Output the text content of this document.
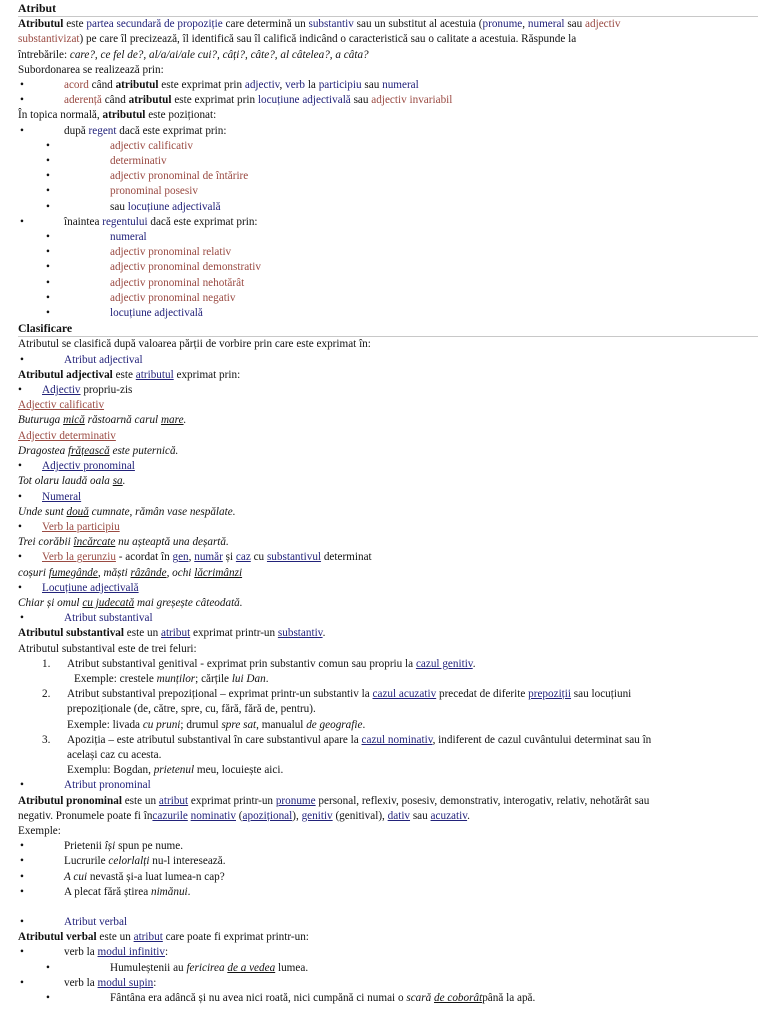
Atribut
Atributul este partea secundară de propoziție care determină un substantiv sau un substitut al acestuia (pronume, numeral sau adjectiv
substantivizat) pe care îl precizează, îl identifică sau îl califică indicând o caracteristică sau o calitate a acestuia. Răspunde la
întrebările: care?, ce fel de?, al/a/ai/ale cui?, câți?, câte?, al câtelea?, a câta?
Subordonarea se realizează prin:
•	acord când atributul este exprimat prin adjectiv, verb la participiu sau numeral
•	aderență când atributul este exprimat prin locuțiune adjectivală sau adjectiv invariabil
În topica normală, atributul este poziționat:
•	după regent dacă este exprimat prin:
•	adjectiv calificativ
•	determinativ
•	adjectiv pronominal de întărire
•	pronominal posesiv
•	sau locuțiune adjectivală
•	înaintea regentului dacă este exprimat prin:
•	numeral
•	adjectiv pronominal relativ
•	adjectiv pronominal demonstrativ
•	adjectiv pronominal nehotărât
•	adjectiv pronominal negativ
•	locuțiune adjectivală
Clasificare
Atributul se clasifică după valoarea părții de vorbire prin care este exprimat în:
•	Atribut adjectival
Atributul adjectival este atributul exprimat prin:
• Adjectiv propriu-zis
Adjectiv calificativ
Buturuga mică răstoarnă carul mare.
Adjectiv determinativ
Dragostea frățească este puternică.
• Adjectiv pronominal
Tot olaru laudă oala sa.
• Numeral
Unde sunt două cumnate, rămân vase nespălate.
• Verb la participiu
Trei corăbii încărcate nu așteaptă una deșartă.
• Verb la gerunziu - acordat în gen, număr și caz cu substantivul determinat
coșuri fumegânde, măști râzânde, ochi lăcrimânzi
• Locuțiune adjectivală
Chiar și omul cu judecată mai greșește câteodată.
•	Atribut substantival
Atributul substantival este un atribut exprimat printr-un substantiv.
Atributul substantival este de trei feluri:
1. Atribut substantival genitival - exprimat prin substantiv comun sau propriu la cazul genitiv.
Exemple: crestele munților; cărțile lui Dan.
2. Atribut substantival prepozițional – exprimat printr-un substantiv la cazul acuzativ precedat de diferite prepoziții sau locuțiuni
prepoziționale (de, către, spre, cu, fără, fără de, pentru).
Exemple: livada cu pruni; drumul spre sat, manualul de geografie.
3. Apoziția – este atributul substantival în care substantivul apare la cazul nominativ, indiferent de cazul cuvântului determinat sau în
același caz cu acesta.
Exemplu: Bogdan, prietenul meu, locuiește aici.
•	Atribut pronominal
Atributul pronominal este un atribut exprimat printr-un pronume personal, reflexiv, posesiv, demonstrativ, interogativ, relativ, nehotărât sau
negativ. Pronumele poate fi încazurile nominativ (apozițional), genitiv (genitival), dativ sau acuzativ.
Exemple:
•	Prietenii își spun pe nume.
•	Lucrurile celorlalți nu-l interesează.
•	A cui nevastă și-a luat lumea-n cap?
•	A plecat fără știrea nimănui.
•	Atribut verbal
Atributul verbal este un atribut care poate fi exprimat printr-un:
•	verb la modul infinitiv:
•	Humuleștenii au fericirea de a vedea lumea.
•	verb la modul supin:
•	Fântâna era adâncă și nu avea nici roată, nici cumpănă ci numai o scară de coborâtpână la apă.
